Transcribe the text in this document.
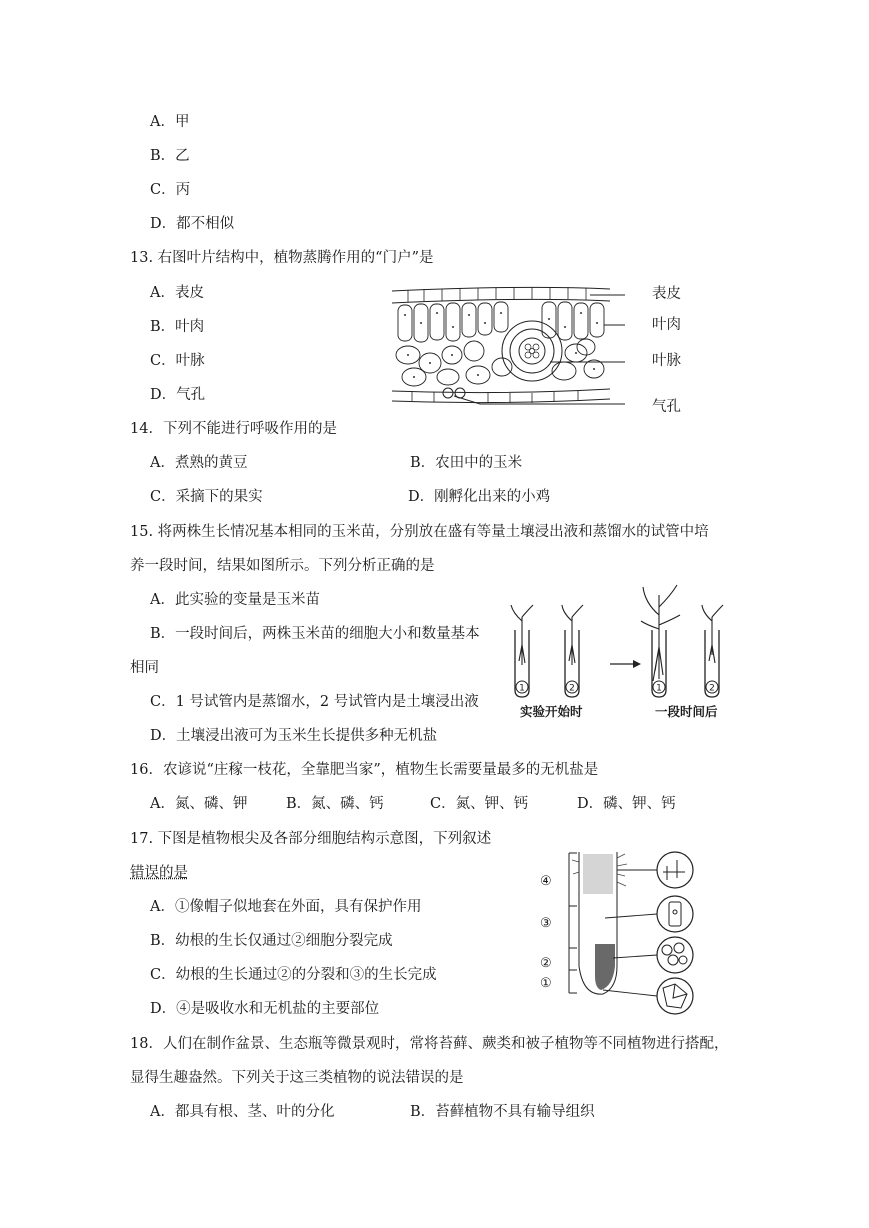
A．甲
B．乙
C．丙
D．都不相似
13. 右图叶片结构中，植物蒸腾作用的“门户”是
A．表皮
B．叶肉
C．叶脉
D．气孔
表皮
叶肉
叶脉
气孔
14．下列不能进行呼吸作用的是
A．煮熟的黄豆	B．农田中的玉米
C．采摘下的果实	D．刚孵化出来的小鸡
15. 将两株生长情况基本相同的玉米苗，分别放在盛有等量土壤浸出液和蒸馏水的试管中培
养一段时间，结果如图所示。下列分析正确的是
A．此实验的变量是玉米苗
B．一段时间后，两株玉米苗的细胞大小和数量基本
相同
C．1 号试管内是蒸馏水，2 号试管内是土壤浸出液
D．土壤浸出液可为玉米生长提供多种无机盐
1	2	1	2
实验开始时	一段时间后
16．农谚说“庄稼一枝花，全靠肥当家”，植物生长需要量最多的无机盐是
A．氮、磷、钾	B．氮、磷、钙	C．氮、钾、钙	D．磷、钾、钙
17. 下图是植物根尖及各部分细胞结构示意图，下列叙述
错误的是
A．①像帽子似地套在外面，具有保护作用
B．幼根的生长仅通过②细胞分裂完成
C．幼根的生长通过②的分裂和③的生长完成
D．④是吸收水和无机盐的主要部位
④
③
②
①
18．人们在制作盆景、生态瓶等微景观时，常将苔藓、蕨类和被子植物等不同植物进行搭配，
显得生趣盎然。下列关于这三类植物的说法错误的是
A．都具有根、茎、叶的分化	B．苔藓植物不具有输导组织
